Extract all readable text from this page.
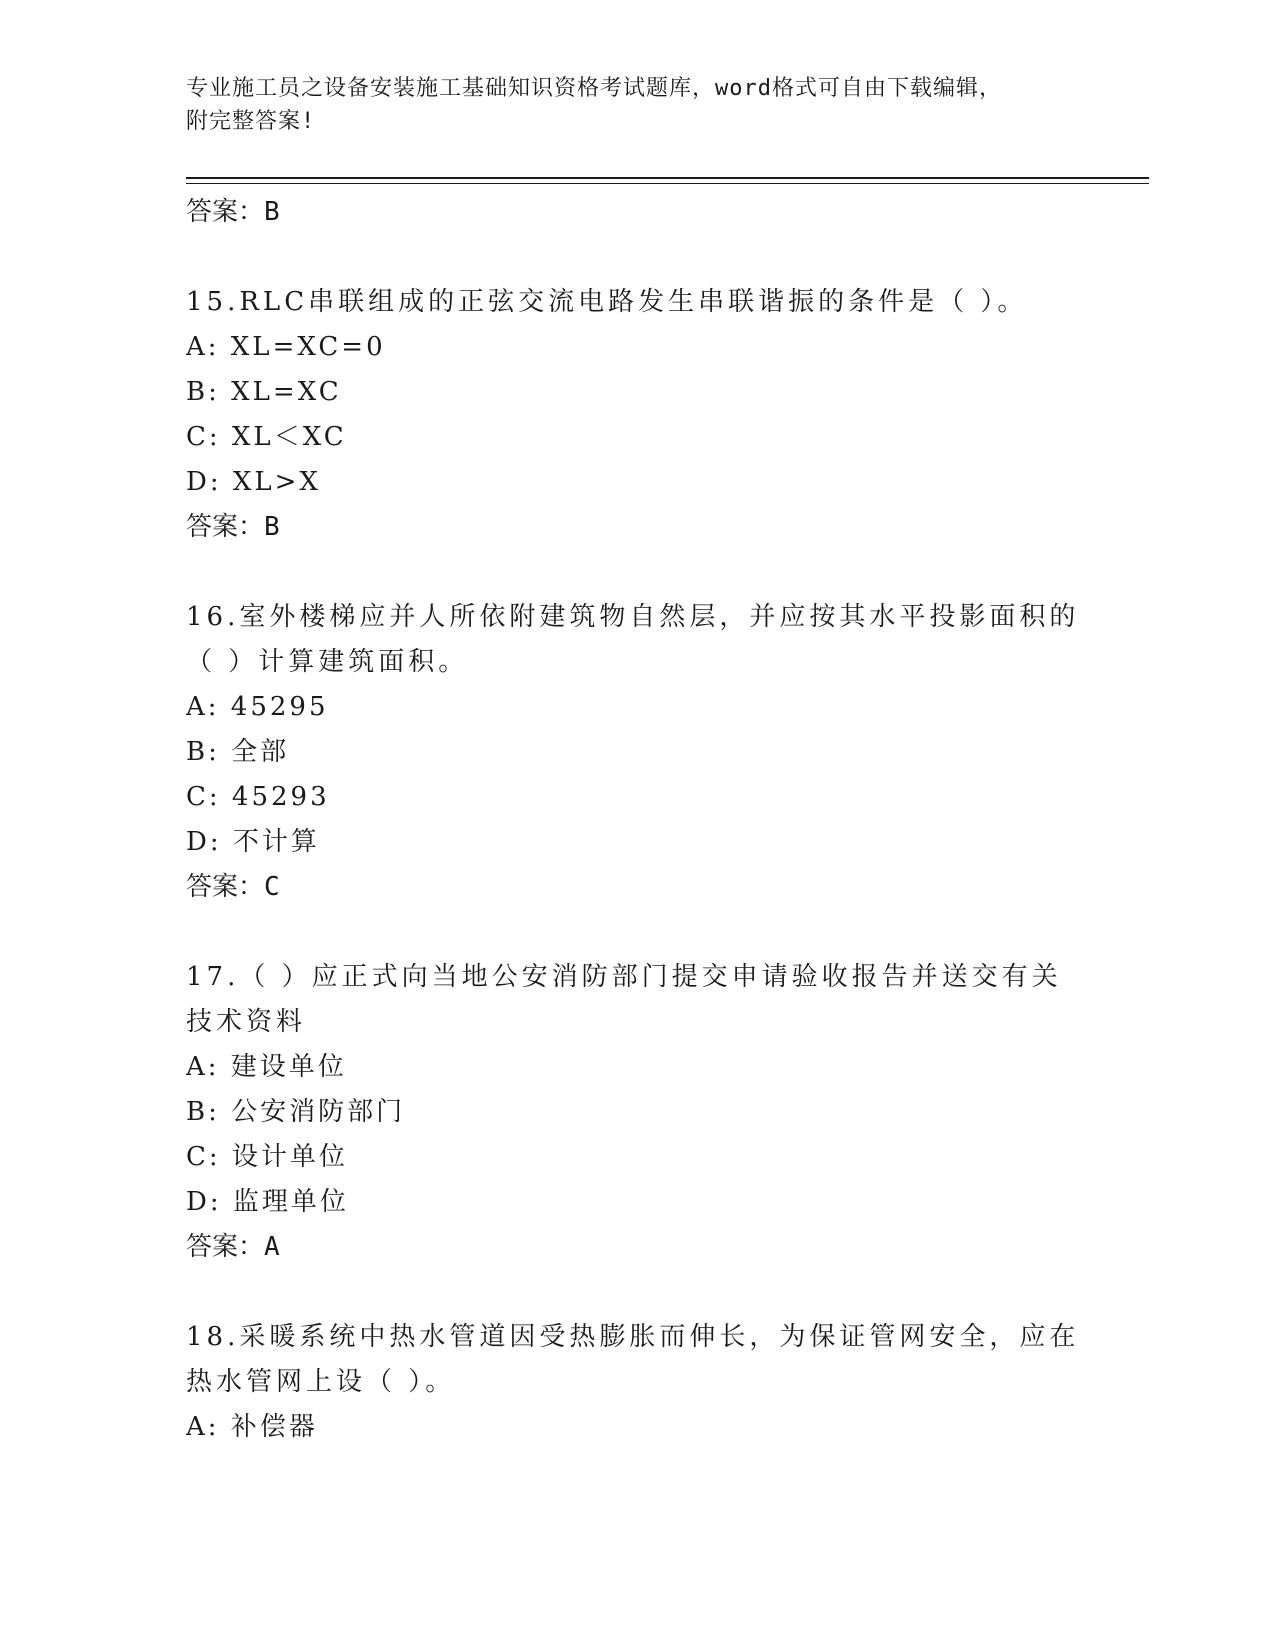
专业施工员之设备安装施工基础知识资格考试题库，word格式可自由下载编辑，
附完整答案!
答案：B
15.RLC串联组成的正弦交流电路发生串联谐振的条件是（ ）。
A: XL=XC=0
B: XL=XC
C: XL＜XC
D: XL>X
答案：B
16.室外楼梯应并人所依附建筑物自然层，并应按其水平投影面积的（ ）计算建筑面积。
A: 45295
B: 全部
C: 45293
D: 不计算
答案：C
17.（ ）应正式向当地公安消防部门提交申请验收报告并送交有关技术资料
A: 建设单位
B: 公安消防部门
C: 设计单位
D: 监理单位
答案：A
18.采暖系统中热水管道因受热膨胀而伸长，为保证管网安全，应在热水管网上设（ ）。
A: 补偿器
